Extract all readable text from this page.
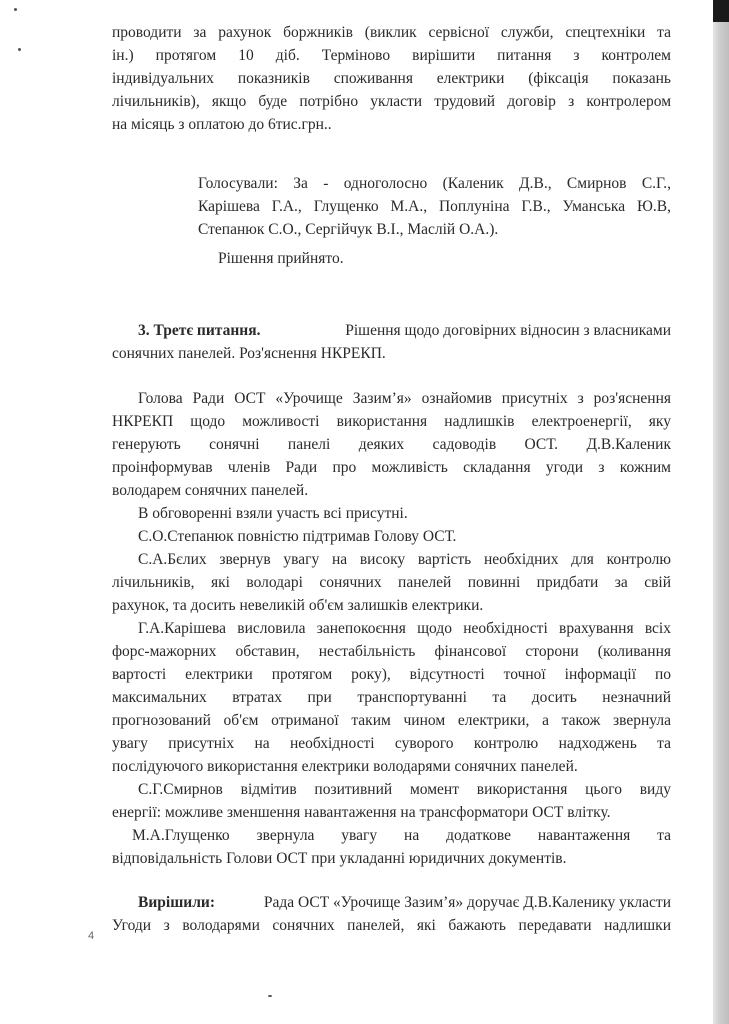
проводити за рахунок боржників (виклик сервісної служби, спецтехніки та
ін.) протягом 10 діб. Терміново вирішити питання з контролем
індивідуальних показників споживання електрики (фіксація показань
лічильників), якщо буде потрібно укласти трудовий договір з контролером
на місяць з оплатою до 6тис.грн..
Голосували: За - одноголосно (Каленик Д.В., Смирнов С.Г.,
Карішева Г.А., Глущенко М.А., Поплуніна Г.В., Уманська Ю.В,
Степанюк С.О., Сергійчук В.І., Маслій О.А.).
Рішення прийнято.
3. Третє питання.	Рішення щодо договірних відносин з власниками
сонячних панелей. Роз'яснення НКРЕКП.
Голова Ради ОСТ «Урочище Зазим’я» ознайомив присутніх з роз'яснення
НКРЕКП щодо можливості використання надлишків електроенергії, яку
генерують сонячні панелі деяких садоводів ОСТ. Д.В.Каленик
проінформував членів Ради про можливість складання угоди з кожним
володарем сонячних панелей.
В обговоренні взяли участь всі присутні.
С.О.Степанюк повністю підтримав Голову ОСТ.
С.А.Бєлих звернув увагу на високу вартість необхідних для контролю
лічильників, які володарі сонячних панелей повинні придбати за свій
рахунок, та досить невеликій об'єм залишків електрики.
Г.А.Карішева висловила занепокоєння щодо необхідності врахування всіх
форс-мажорних обставин, нестабільність фінансової сторони (коливання
вартості електрики протягом року), відсутності точної інформації по
максимальних втратах при транспортуванні та досить незначний
прогнозований об'єм отриманої таким чином електрики, а також звернула
увагу присутніх на необхідності суворого контролю надходжень та
послідуючого використання електрики володарями сонячних панелей.
С.Г.Смирнов відмітив позитивний момент використання цього виду
енергії: можливе зменшення навантаження на трансформатори ОСТ влітку.
М.А.Глущенко звернула увагу на додаткове навантаження та
відповідальність Голови ОСТ при укладанні юридичних документів.
Вирішили:	Рада ОСТ «Урочище Зазим’я» доручає Д.В.Каленику укласти
Угоди з володарями сонячних панелей, які бажають передавати надлишки
4
